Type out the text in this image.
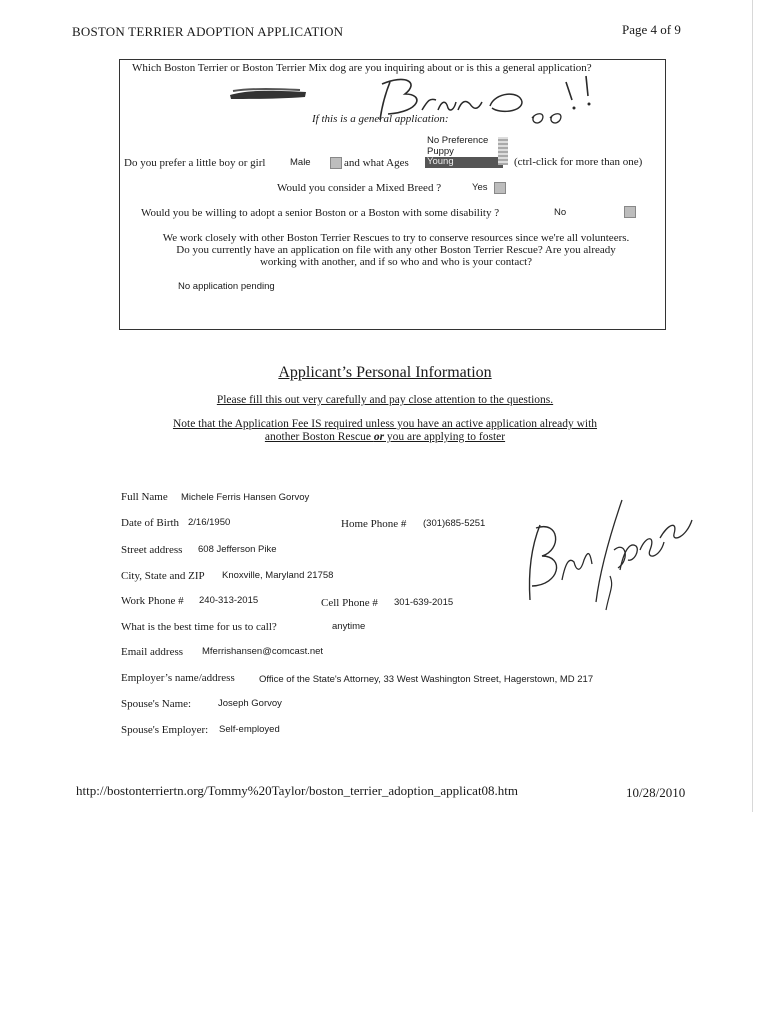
BOSTON TERRIER ADOPTION APPLICATION	Page 4 of 9
Which Boston Terrier or Boston Terrier Mix dog are you inquiring about or is this a general application?
If this is a general application:
Do you prefer a little boy or girl	Male	and what Ages
No Preference
Puppy
Young	(ctrl-click for more than one)
Would you consider a Mixed Breed ?	Yes
Would you be willing to adopt a senior Boston or a Boston with some disability ?	No
We work closely with other Boston Terrier Rescues to try to conserve resources since we're all volunteers.
Do you currently have an application on file with any other Boston Terrier Rescue? Are you already
working with another, and if so who and who is your contact?
No application pending
Applicant’s Personal Information
Please fill this out very carefully and pay close attention to the questions.
Note that the Application Fee IS required unless you have an active application already with
another Boston Rescue or you are applying to foster
Full Name Michele Ferris Hansen Gorvoy
Date of Birth 2/16/1950	Home Phone # (301)685-5251
Street address 608 Jefferson Pike
City, State and ZIP Knoxville, Maryland 21758
Work Phone # 240-313-2015	Cell Phone # 301-639-2015
What is the best time for us to call?	anytime
Email address Mferrishansen@comcast.net
Employer’s name/address	Office of the State's Attorney, 33 West Washington Street, Hagerstown, MD 217
Spouse's Name:	Joseph Gorvoy
Spouse's Employer: Self-employed
http://bostonterriertn.org/Tommy%20Taylor/boston_terrier_adoption_applicat08.htm	10/28/2010
